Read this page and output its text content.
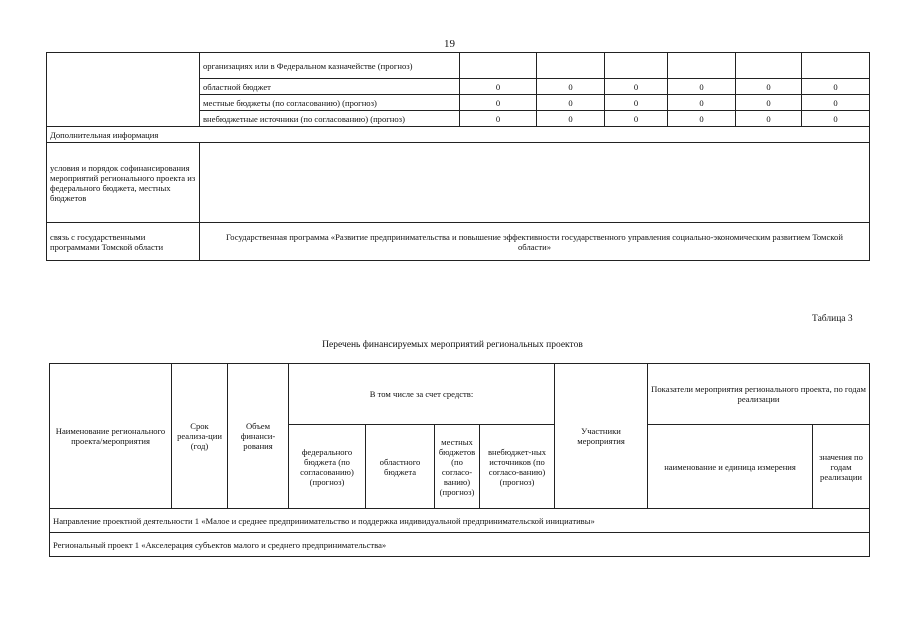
19
	организациях или в Федеральном казначействе (прогноз)						
	областной бюджет	0	0	0	0	0	0
	местные бюджеты (по согласованию) (прогноз)	0	0	0	0	0	0
	внебюджетные источники (по согласованию) (прогноз)	0	0	0	0	0	0
Дополнительная информация							
условия и порядок софинансирования мероприятий регионального проекта из федерального бюджета, местных бюджетов							
связь с государственными программами Томской области	Государственная программа «Развитие предпринимательства и повышение эффективности государственного управления социально-экономическим развитием Томской области»						
Таблица 3
Перечень финансируемых мероприятий региональных проектов
Наименование регионального проекта/мероприятия	Срок реализа-ции (год)	Объем финанси-рования	В том числе за счет средств:				Участники мероприятия	Показатели мероприятия регионального проекта, по годам реализации	
			федерального бюджета (по согласованию) (прогноз)	областного бюджета	местных бюджетов (по согласо-ванию) (прогноз)	внебюджет-ных источников (по согласо-ванию) (прогноз)		наименование и единица измерения	значения по годам реализации
Направление проектной деятельности 1 «Малое и среднее предпринимательство и поддержка индивидуальной предпринимательской инициативы»									
Региональный проект 1 «Акселерация субъектов малого и среднего предпринимательства»									
